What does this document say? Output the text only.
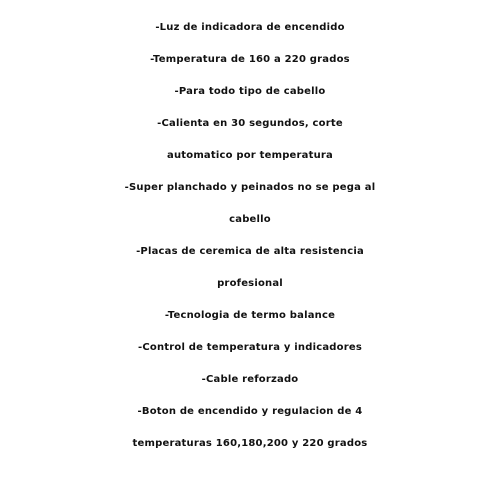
-Luz de indicadora de encendido
-Temperatura de 160 a 220 grados
-Para todo tipo de cabello
-Calienta en 30 segundos, corte
automatico por temperatura
-Super planchado y peinados no se pega al
cabello
-Placas de ceremica de alta resistencia
profesional
-Tecnologia de termo balance
-Control de temperatura y indicadores
-Cable reforzado
-Boton de encendido y regulacion de 4
temperaturas 160,180,200 y 220 grados
